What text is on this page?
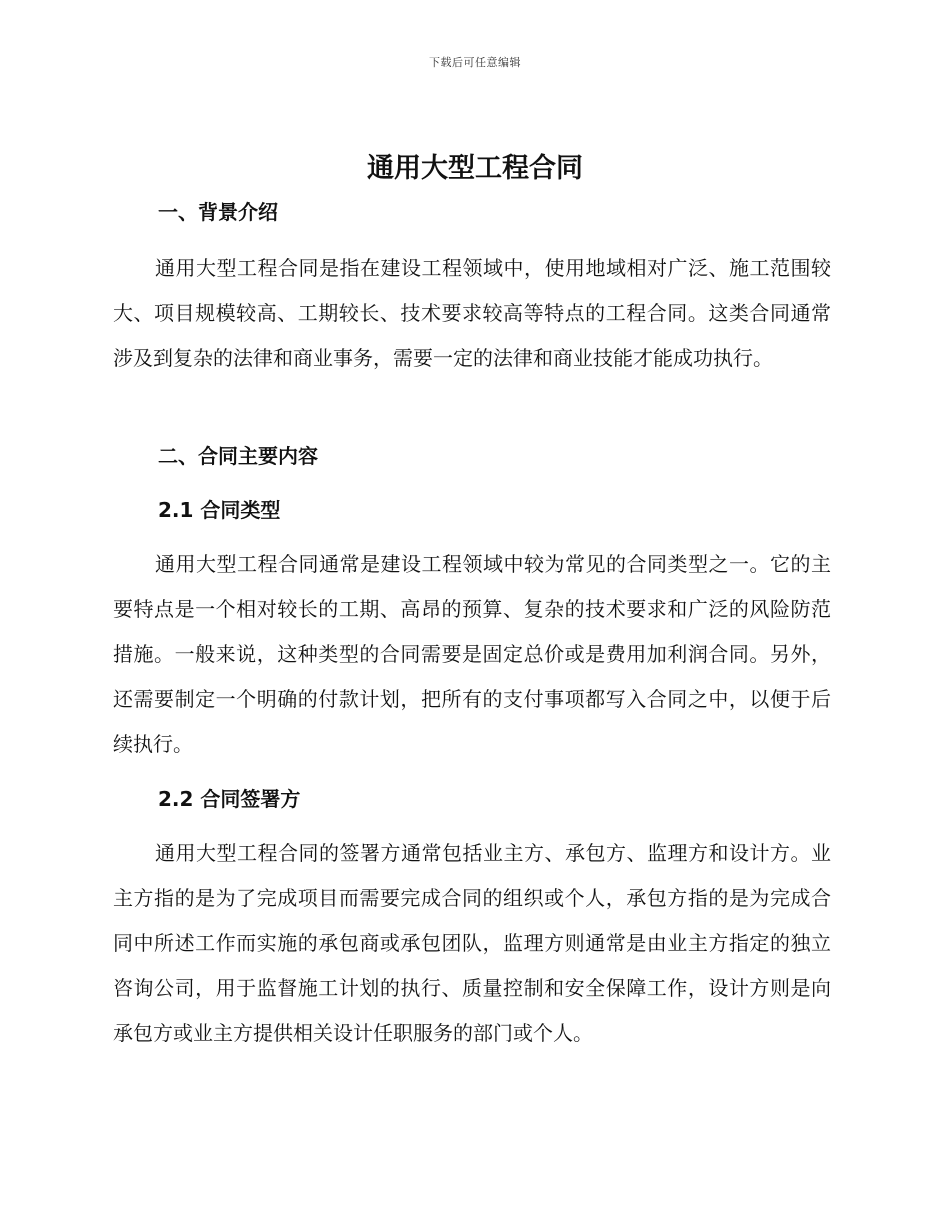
下载后可任意编辑
通用大型工程合同
一、背景介绍

通用大型工程合同是指在建设工程领域中，使用地域相对广泛、施工范围较大、项目规模较高、工期较长、技术要求较高等特点的工程合同。这类合同通常涉及到复杂的法律和商业事务，需要一定的法律和商业技能才能成功执行。

二、合同主要内容
2.1 合同类型

通用大型工程合同通常是建设工程领域中较为常见的合同类型之一。它的主要特点是一个相对较长的工期、高昂的预算、复杂的技术要求和广泛的风险防范措施。一般来说，这种类型的合同需要是固定总价或是费用加利润合同。另外，还需要制定一个明确的付款计划，把所有的支付事项都写入合同之中，以便于后续执行。

2.2 合同签署方

通用大型工程合同的签署方通常包括业主方、承包方、监理方和设计方。业主方指的是为了完成项目而需要完成合同的组织或个人，承包方指的是为完成合同中所述工作而实施的承包商或承包团队，监理方则通常是由业主方指定的独立咨询公司，用于监督施工计划的执行、质量控制和安全保障工作，设计方则是向承包方或业主方提供相关设计任职服务的部门或个人。
